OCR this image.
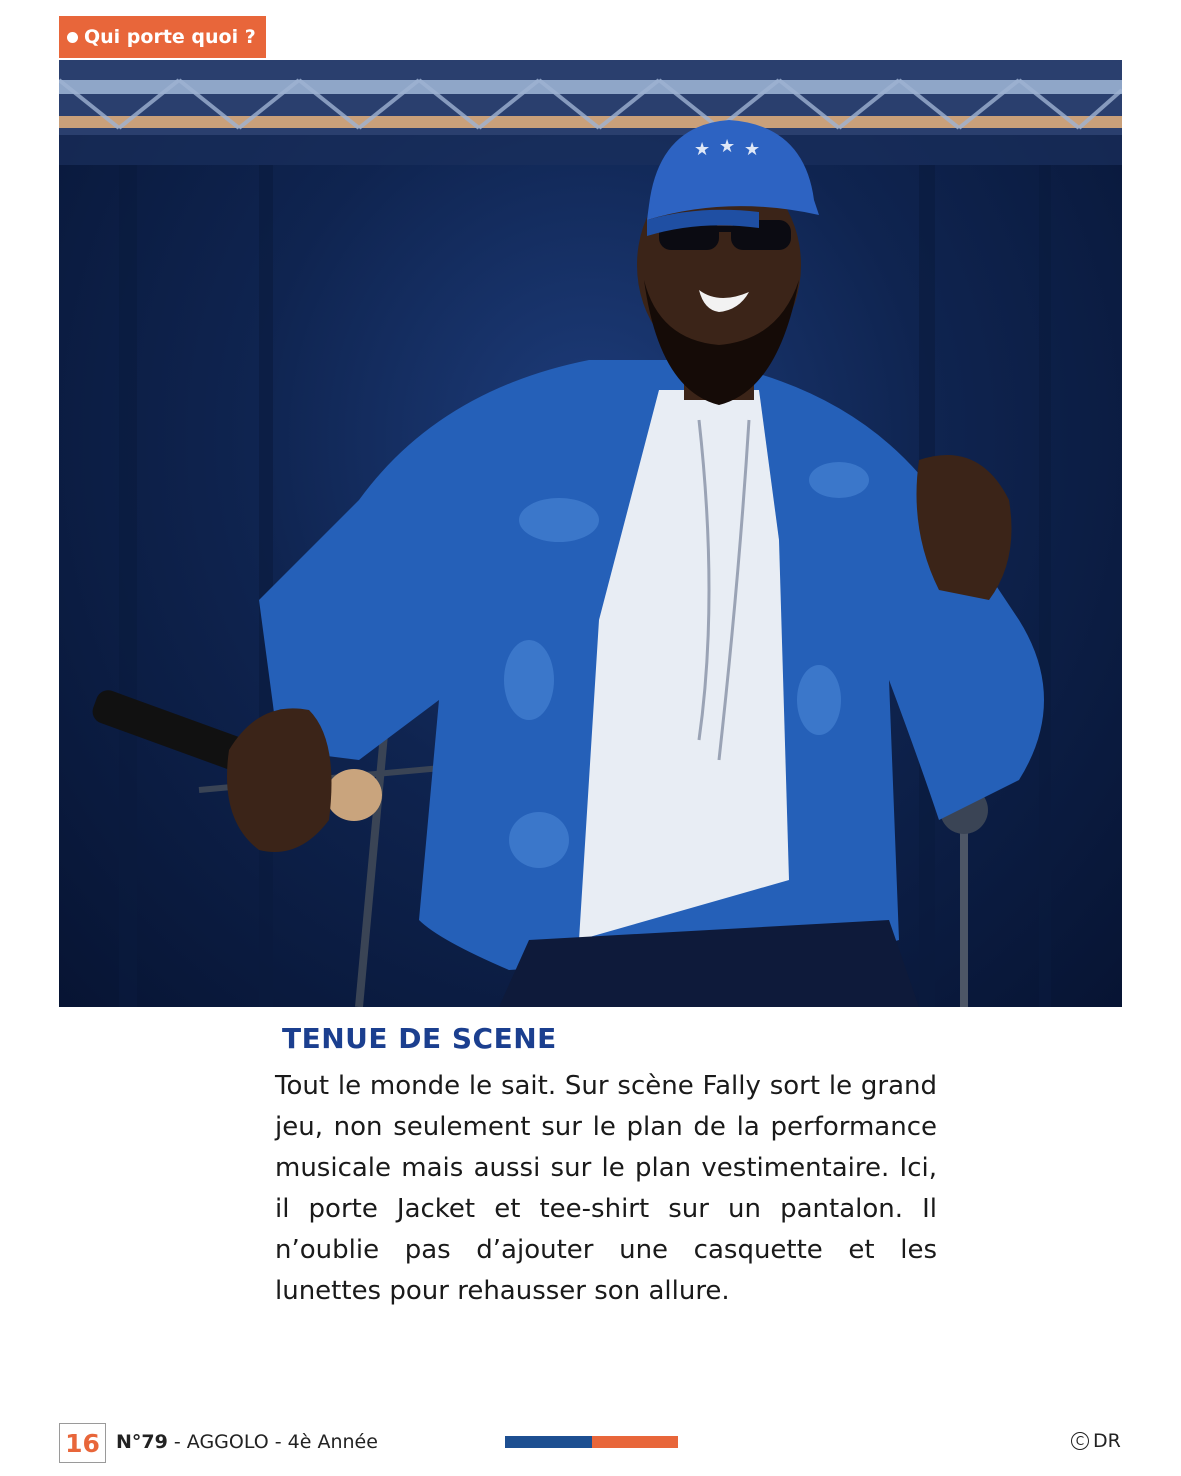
Qui porte quoi ?
★ ★ ★
TENUE DE SCENE

Tout le monde le sait. Sur scène Fally sort le grand jeu, non seulement sur le plan de la performance musicale mais aussi sur le plan vestimentaire. Ici, il porte Jacket et tee-shirt sur un pantalon. Il n’oublie pas d’ajouter une casquette et les lunettes pour rehausser son allure.

16 N°79 - AGGOLO - 4è Année	C DR
